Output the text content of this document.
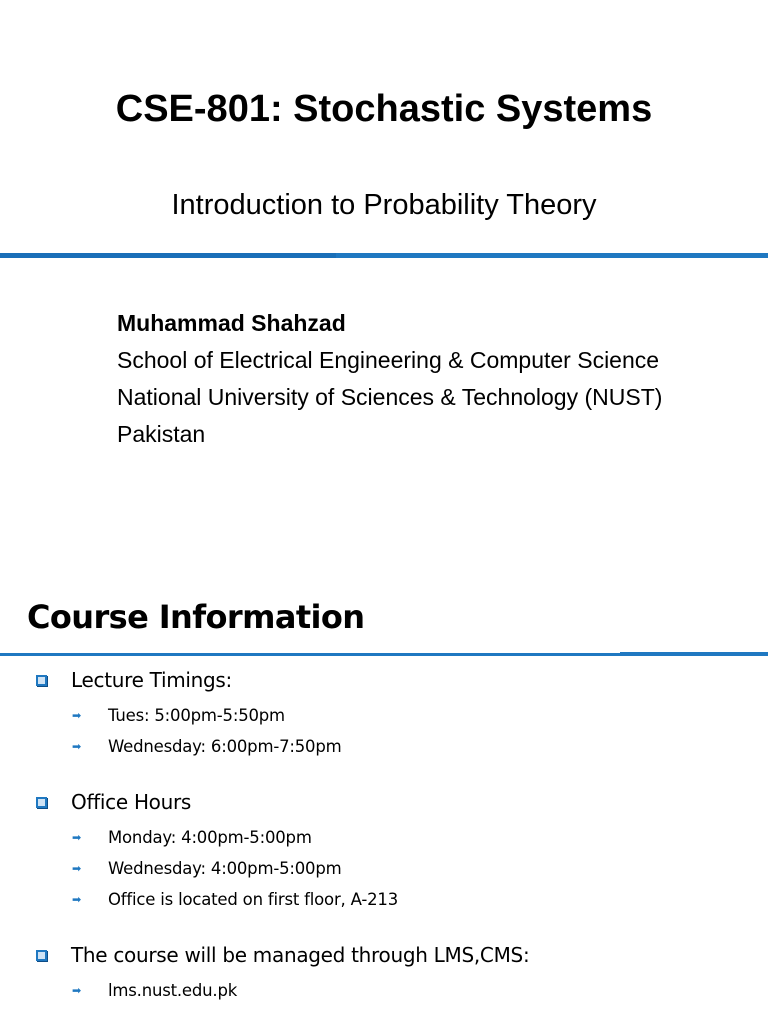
CSE-801: Stochastic Systems
Introduction to Probability Theory
Muhammad Shahzad
School of Electrical Engineering & Computer Science
National University of Sciences & Technology (NUST)
Pakistan
Course Information
Lecture Timings:
➡ Tues: 5:00pm-5:50pm
➡ Wednesday: 6:00pm-7:50pm
Office Hours
➡ Monday: 4:00pm-5:00pm
➡ Wednesday: 4:00pm-5:00pm
➡ Office is located on first floor, A-213
The course will be managed through LMS,CMS:
➡ lms.nust.edu.pk
